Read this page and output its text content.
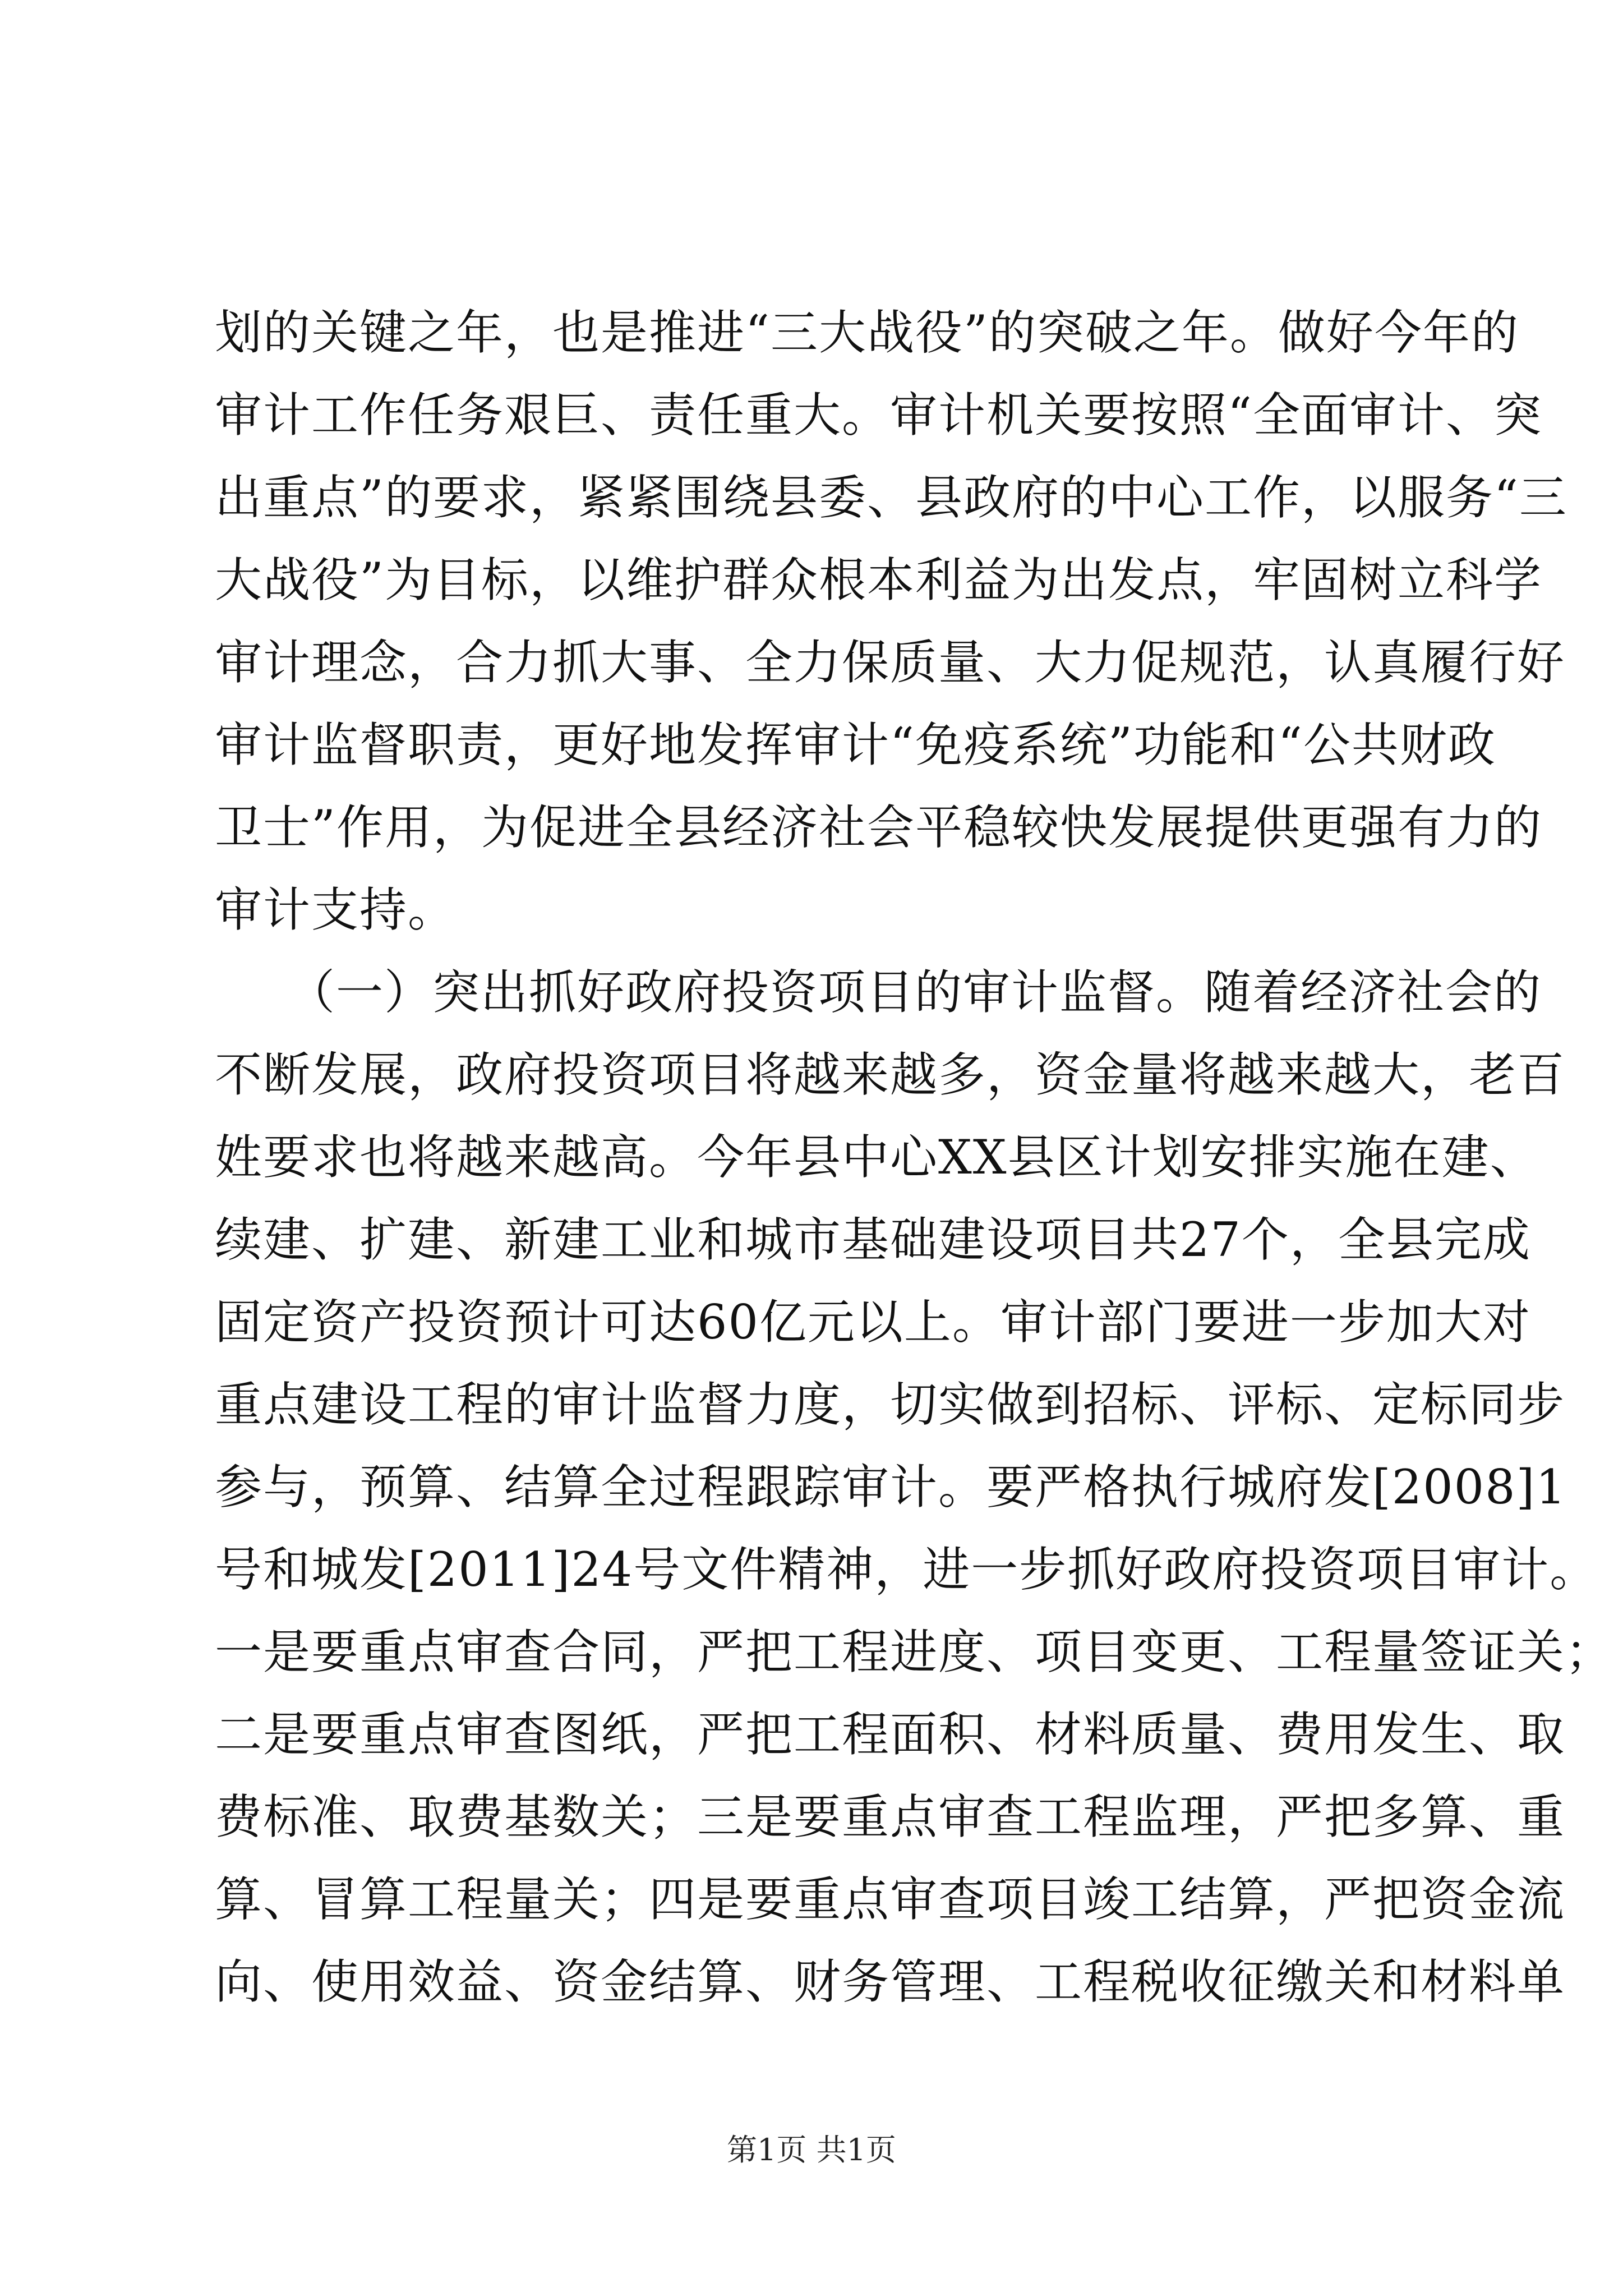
划的关键之年，也是推进“三大战役”的突破之年。做好今年的
审计工作任务艰巨、责任重大。审计机关要按照“全面审计、突
出重点”的要求，紧紧围绕县委、县政府的中心工作，以服务“三
大战役”为目标，以维护群众根本利益为出发点，牢固树立科学
审计理念，合力抓大事、全力保质量、大力促规范，认真履行好
审计监督职责，更好地发挥审计“免疫系统”功能和“公共财政
卫士”作用，为促进全县经济社会平稳较快发展提供更强有力的
审计支持。
　　（一）突出抓好政府投资项目的审计监督。随着经济社会的
不断发展，政府投资项目将越来越多，资金量将越来越大，老百
姓要求也将越来越高。今年县中心XX县区计划安排实施在建、
续建、扩建、新建工业和城市基础建设项目共27个，全县完成
固定资产投资预计可达60亿元以上。审计部门要进一步加大对
重点建设工程的审计监督力度，切实做到招标、评标、定标同步
参与，预算、结算全过程跟踪审计。要严格执行城府发[2008]1
号和城发[2011]24号文件精神，进一步抓好政府投资项目审计。
一是要重点审查合同，严把工程进度、项目变更、工程量签证关；
二是要重点审查图纸，严把工程面积、材料质量、费用发生、取
费标准、取费基数关；三是要重点审查工程监理，严把多算、重
算、冒算工程量关；四是要重点审查项目竣工结算，严把资金流
向、使用效益、资金结算、财务管理、工程税收征缴关和材料单
第1页 共1页
